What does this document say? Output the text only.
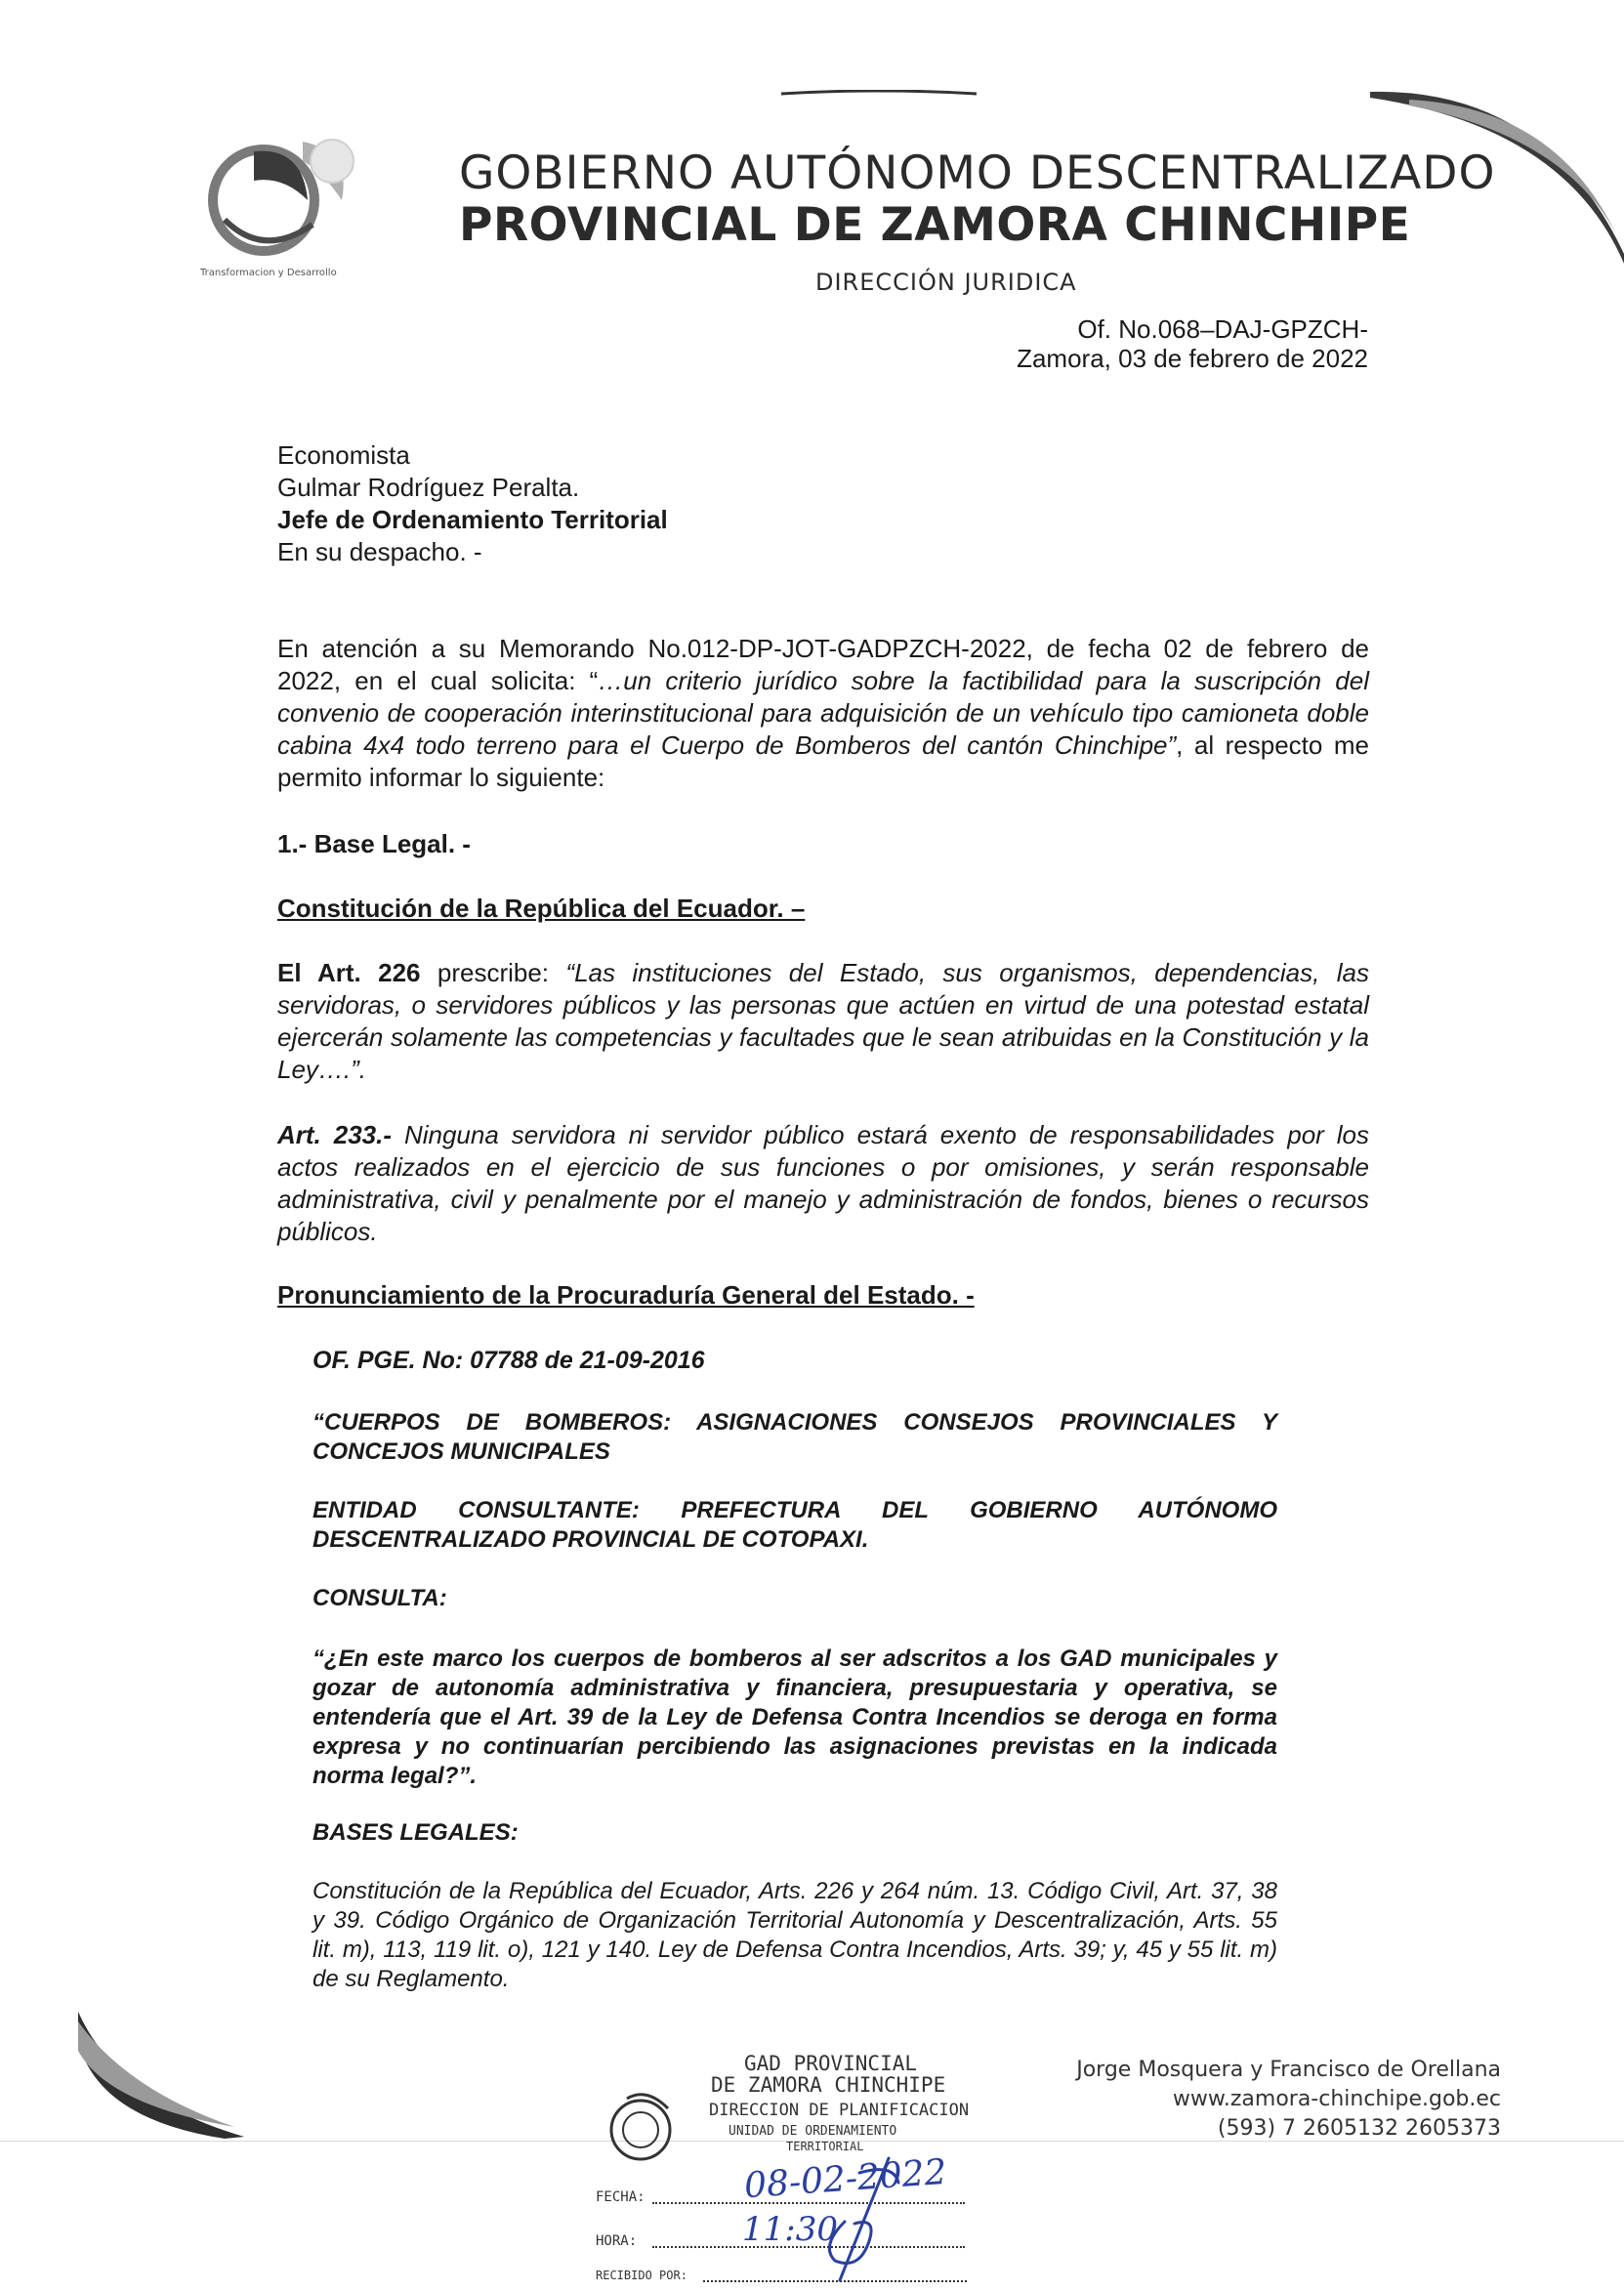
Transformacion y Desarrollo
GOBIERNO AUTÓNOMO DESCENTRALIZADO
PROVINCIAL DE ZAMORA CHINCHIPE
DIRECCIÓN JURIDICA
Of. No.068–DAJ-GPZCH-
Zamora, 03 de febrero de 2022
Economista
Gulmar Rodríguez Peralta.
Jefe de Ordenamiento Territorial
En su despacho. -
En atención a su Memorando No.012-DP-JOT-GADPZCH-2022, de fecha 02 de febrero de 2022, en el cual solicita: “…un criterio jurídico sobre la factibilidad para la suscripción del convenio de cooperación interinstitucional para adquisición de un vehículo tipo camioneta doble cabina 4x4 todo terreno para el Cuerpo de Bomberos del cantón Chinchipe”, al respecto me permito informar lo siguiente:
1.- Base Legal. -
Constitución de la República del Ecuador. –
El Art. 226 prescribe: “Las instituciones del Estado, sus organismos, dependencias, las servidoras, o servidores públicos y las personas que actúen en virtud de una potestad estatal ejercerán solamente las competencias y facultades que le sean atribuidas en la Constitución y la Ley….”.
Art. 233.- Ninguna servidora ni servidor público estará exento de responsabilidades por los actos realizados en el ejercicio de sus funciones o por omisiones, y serán responsable administrativa, civil y penalmente por el manejo y administración de fondos, bienes o recursos públicos.
Pronunciamiento de la Procuraduría General del Estado. -
OF. PGE. No: 07788 de 21-09-2016
“CUERPOS DE BOMBEROS: ASIGNACIONES CONSEJOS PROVINCIALES Y CONCEJOS MUNICIPALES
ENTIDAD CONSULTANTE: PREFECTURA DEL GOBIERNO AUTÓNOMO DESCENTRALIZADO PROVINCIAL DE COTOPAXI.
CONSULTA:
“¿En este marco los cuerpos de bomberos al ser adscritos a los GAD municipales y gozar de autonomía administrativa y financiera, presupuestaria y operativa, se entendería que el Art. 39 de la Ley de Defensa Contra Incendios se deroga en forma expresa y no continuarían percibiendo las asignaciones previstas en la indicada norma legal?”.
BASES LEGALES:
Constitución de la República del Ecuador, Arts. 226 y 264 núm. 13. Código Civil, Art. 37, 38 y 39. Código Orgánico de Organización Territorial Autonomía y Descentralización, Arts. 55 lit. m), 113, 119 lit. o), 121 y 140. Ley de Defensa Contra Incendios, Arts. 39; y, 45 y 55 lit. m) de su Reglamento.
Jorge Mosquera y Francisco de Orellana
www.zamora-chinchipe.gob.ec
(593) 7 2605132 2605373
GAD PROVINCIAL
DE ZAMORA CHINCHIPE
DIRECCION DE PLANIFICACION
UNIDAD DE ORDENAMIENTO
TERRITORIAL
FECHA:	08-02-2022
HORA:	11:30
RECIBIDO POR:
